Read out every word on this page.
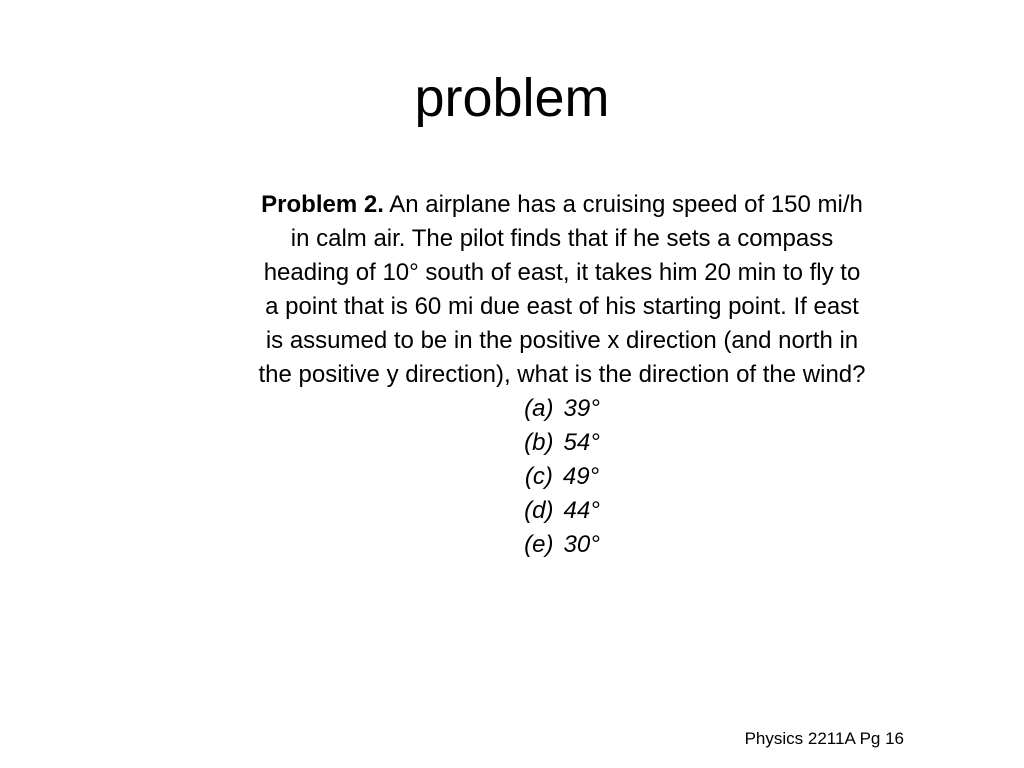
problem

Problem 2. An airplane has a cruising speed of 150 mi/h
in calm air. The pilot finds that if he sets a compass
heading of 10° south of east, it takes him 20 min to fly to
a point that is 60 mi due east of his starting point. If east
is assumed to be in the positive x direction (and north in
the positive y direction), what is the direction of the wind?

(a) 39°
(b) 54°
(c) 49°
(d) 44°
(e) 30°
Physics 2211A Pg 16
